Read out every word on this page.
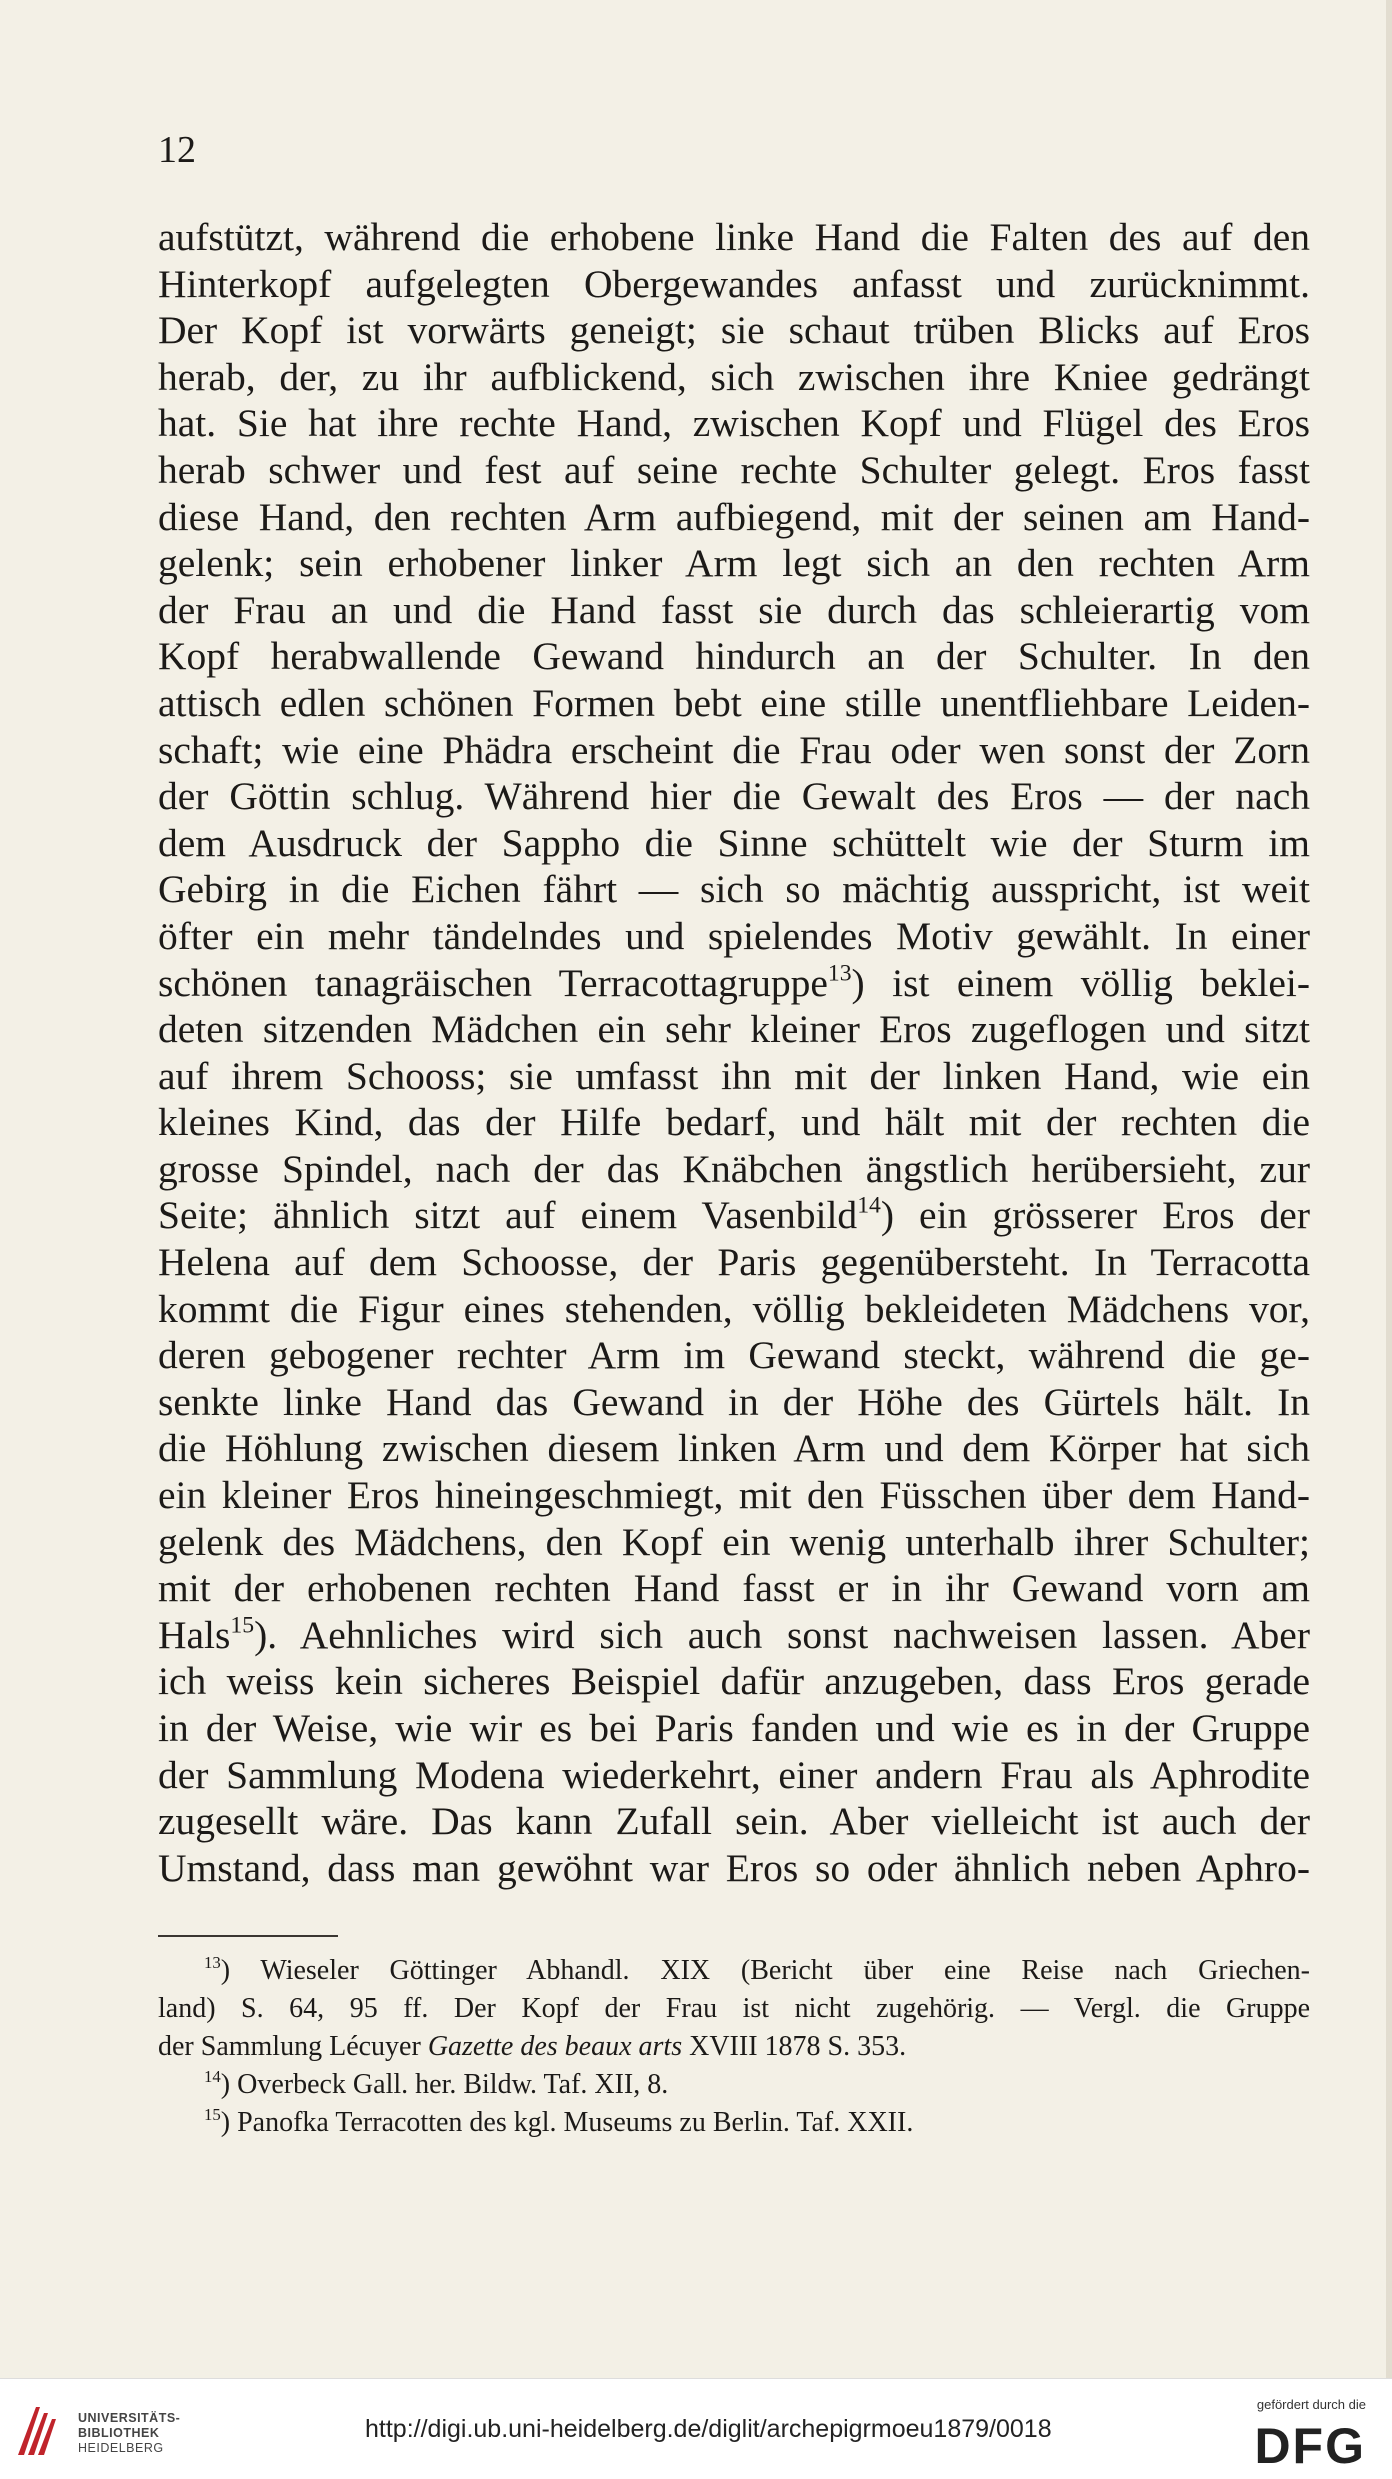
12
aufstützt, während die erhobene linke Hand die Falten des auf den
Hinterkopf aufgelegten Obergewandes anfasst und zurücknimmt.
Der Kopf ist vorwärts geneigt; sie schaut trüben Blicks auf Eros
herab, der, zu ihr aufblickend, sich zwischen ihre Kniee gedrängt
hat. Sie hat ihre rechte Hand, zwischen Kopf und Flügel des Eros
herab schwer und fest auf seine rechte Schulter gelegt. Eros fasst
diese Hand, den rechten Arm aufbiegend, mit der seinen am Hand-
gelenk; sein erhobener linker Arm legt sich an den rechten Arm
der Frau an und die Hand fasst sie durch das schleierartig vom
Kopf herabwallende Gewand hindurch an der Schulter. In den
attisch edlen schönen Formen bebt eine stille unentfliehbare Leiden-
schaft; wie eine Phädra erscheint die Frau oder wen sonst der Zorn
der Göttin schlug. Während hier die Gewalt des Eros — der nach
dem Ausdruck der Sappho die Sinne schüttelt wie der Sturm im
Gebirg in die Eichen fährt — sich so mächtig ausspricht, ist weit
öfter ein mehr tändelndes und spielendes Motiv gewählt. In einer
schönen tanagräischen Terracottagruppe$^{13}$) ist einem völlig beklei-
deten sitzenden Mädchen ein sehr kleiner Eros zugeflogen und sitzt
auf ihrem Schooss; sie umfasst ihn mit der linken Hand, wie ein
kleines Kind, das der Hilfe bedarf, und hält mit der rechten die
grosse Spindel, nach der das Knäbchen ängstlich herübersieht, zur
Seite; ähnlich sitzt auf einem Vasenbild$^{14}$) ein grösserer Eros der
Helena auf dem Schoosse, der Paris gegenübersteht. In Terracotta
kommt die Figur eines stehenden, völlig bekleideten Mädchens vor,
deren gebogener rechter Arm im Gewand steckt, während die ge-
senkte linke Hand das Gewand in der Höhe des Gürtels hält. In
die Höhlung zwischen diesem linken Arm und dem Körper hat sich
ein kleiner Eros hineingeschmiegt, mit den Füsschen über dem Hand-
gelenk des Mädchens, den Kopf ein wenig unterhalb ihrer Schulter;
mit der erhobenen rechten Hand fasst er in ihr Gewand vorn am
Hals$^{15}$). Aehnliches wird sich auch sonst nachweisen lassen. Aber
ich weiss kein sicheres Beispiel dafür anzugeben, dass Eros gerade
in der Weise, wie wir es bei Paris fanden und wie es in der Gruppe
der Sammlung Modena wiederkehrt, einer andern Frau als Aphrodite
zugesellt wäre. Das kann Zufall sein. Aber vielleicht ist auch der
Umstand, dass man gewöhnt war Eros so oder ähnlich neben Aphro-
$^{13}$) Wieseler Göttinger Abhandl. XIX (Bericht über eine Reise nach Griechen-
land) S. 64, 95 ff. Der Kopf der Frau ist nicht zugehörig. — Vergl. die Gruppe
der Sammlung Lécuyer Gazette des beaux arts XVIII 1878 S. 353.
$^{14}$) Overbeck Gall. her. Bildw. Taf. XII, 8.
$^{15}$) Panofka Terracotten des kgl. Museums zu Berlin. Taf. XXII.
UNIVERSITÄTS-
BIBLIOTHEK
HEIDELBERG
http://digi.ub.uni-heidelberg.de/diglit/archepigrmoeu1879/0018
gefördert durch die
DFG
